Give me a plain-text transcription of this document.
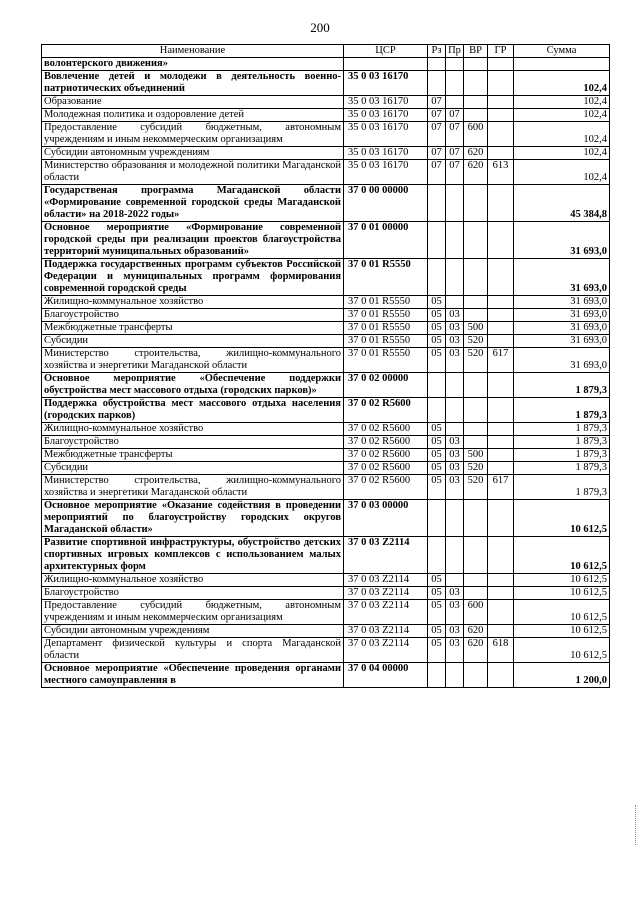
200
Наименование	ЦСР	Рз	Пр	ВР	ГР	Сумма
волонтерского движения»						
Вовлечение детей и молодежи в деятельность военно-патриотических объединений	35 0 03 16170					102,4
Образование	35 0 03 16170	07				102,4
Молодежная политика и оздоровление детей	35 0 03 16170	07	07			102,4
Предоставление субсидий бюджетным, автономным учреждениям и иным некоммерческим организациям	35 0 03 16170	07	07	600		102,4
Субсидии автономным учреждениям	35 0 03 16170	07	07	620		102,4
Министерство образования и молодежной политики Магаданской области	35 0 03 16170	07	07	620	613	102,4
Государственая программа Магаданской области «Формирование современной городской среды Магаданской области» на 2018-2022 годы»	37 0 00 00000					45 384,8
Основное мероприятие «Формирование современной городской среды при реализации проектов благоустройства территорий муниципальных образований»	37 0 01 00000					31 693,0
Поддержка государственных программ субъектов Российской Федерации и муниципальных программ формирования современной городской среды	37 0 01 R5550					31 693,0
Жилищно-коммунальное хозяйство	37 0 01 R5550	05				31 693,0
Благоустройство	37 0 01 R5550	05	03			31 693,0
Межбюджетные трансферты	37 0 01 R5550	05	03	500		31 693,0
Субсидии	37 0 01 R5550	05	03	520		31 693,0
Министерство строительства, жилищно-коммунального хозяйства и энергетики Магаданской области	37 0 01 R5550	05	03	520	617	31 693,0
Основное мероприятие «Обеспечение поддержки обустройства мест массового отдыха (городских парков)»	37 0 02 00000					1 879,3
Поддержка обустройства мест массового отдыха населения (городских парков)	37 0 02 R5600					1 879,3
Жилищно-коммунальное хозяйство	37 0 02 R5600	05				1 879,3
Благоустройство	37 0 02 R5600	05	03			1 879,3
Межбюджетные трансферты	37 0 02 R5600	05	03	500		1 879,3
Субсидии	37 0 02 R5600	05	03	520		1 879,3
Министерство строительства, жилищно-коммунального хозяйства и энергетики Магаданской области	37 0 02 R5600	05	03	520	617	1 879,3
Основное мероприятие «Оказание содействия в проведении мероприятий по благоустройству городских округов Магаданской области»	37 0 03 00000					10 612,5
Развитие спортивной инфраструктуры, обустройство детских спортивных игровых комплексов с использованием малых архитектурных форм	37 0 03 Z2114					10 612,5
Жилищно-коммунальное хозяйство	37 0 03 Z2114	05				10 612,5
Благоустройство	37 0 03 Z2114	05	03			10 612,5
Предоставление субсидий бюджетным, автономным учреждениям и иным некоммерческим организациям	37 0 03 Z2114	05	03	600		10 612,5
Субсидии автономным учреждениям	37 0 03 Z2114	05	03	620		10 612,5
Департамент физической культуры и спорта Магаданской области	37 0 03 Z2114	05	03	620	618	10 612,5
Основное мероприятие «Обеспечение проведения органами местного самоуправления в	37 0 04 00000					1 200,0
